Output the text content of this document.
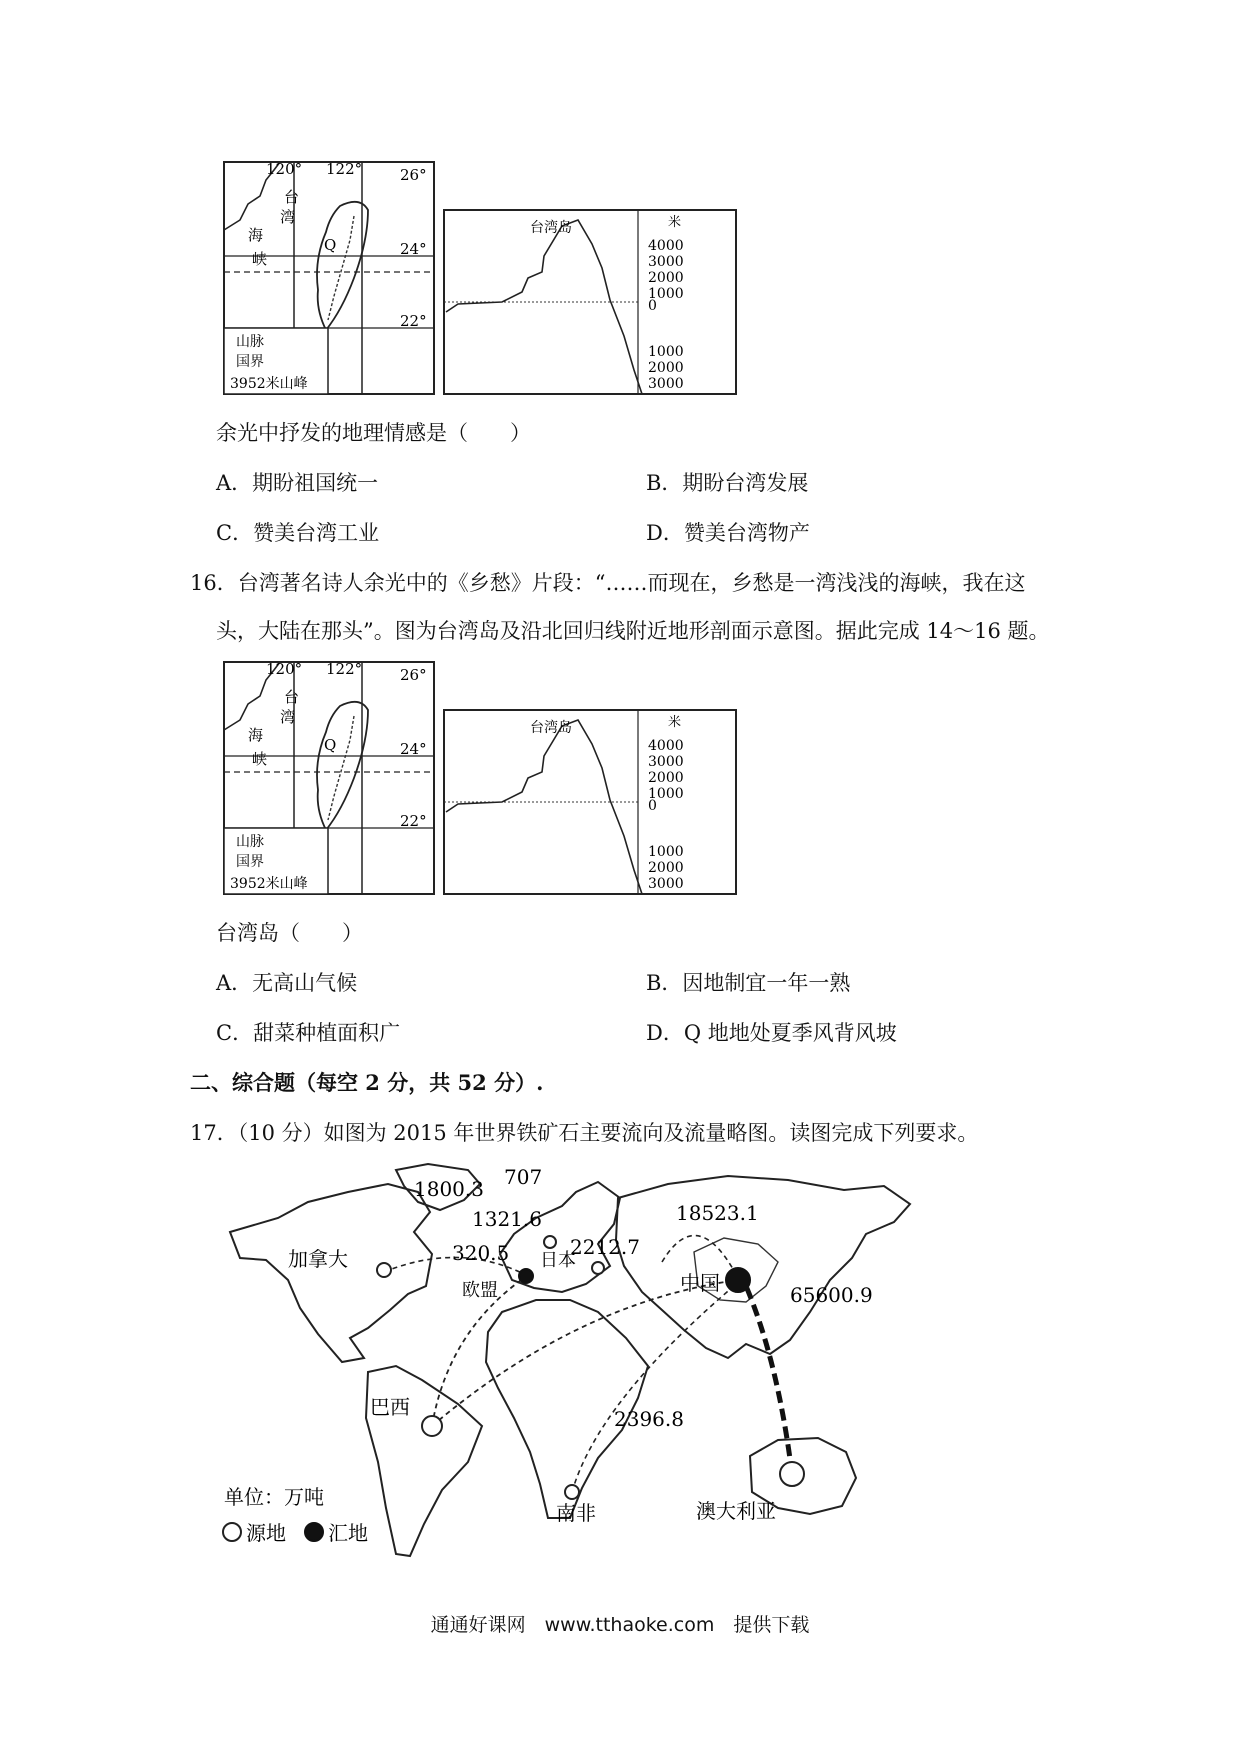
120° 122°	26°
24°
22°
台
湾
海
峡
Q
山脉
国界
3952米山峰
台湾岛	米
4000
3000
2000
1000
0
1000
2000
3000
余光中抒发的地理情感是（　　）
A．期盼祖国统一	B．期盼台湾发展
C．赞美台湾工业	D．赞美台湾物产
16．台湾著名诗人余光中的《乡愁》片段：“……而现在，乡愁是一湾浅浅的海峡，我在这
头，大陆在那头”。图为台湾岛及沿北回归线附近地形剖面示意图。据此完成 14～16 题。
120° 122°	26°
24°
22°
台
湾
海
峡
Q
山脉
国界
3952米山峰
台湾岛	米
4000
3000
2000
1000
0
1000
2000
3000
台湾岛（　　）
A．无高山气候	B．因地制宜一年一熟
C．甜菜种植面积广	D．Q 地地处夏季风背风坡
二、综合题（每空 2 分，共 52 分）.
17．（10 分）如图为 2015 年世界铁矿石主要流向及流量略图。读图完成下列要求。
加拿大
巴西
南非	澳大利亚
中国
欧盟
日本
1800.3 707
1321.6	18523.1
320.5	2212.7
65600.9
2396.8
单位：万吨
源地 汇地
通通好课网　www.tthaoke.com　提供下载
